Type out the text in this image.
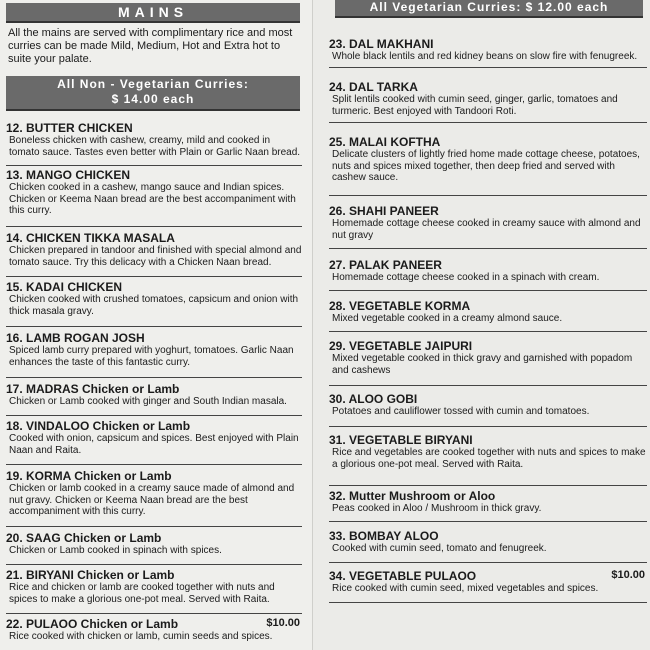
MAINS
All the mains are served with complimentary rice and most curries can be made Mild, Medium, Hot and Extra hot to suite your palate.
All Non - Vegetarian Curries:
$ 14.00 each
12. BUTTER CHICKEN
Boneless chicken with cashew, creamy, mild and cooked in tomato sauce. Tastes even better with Plain or Garlic Naan bread.
13. MANGO CHICKEN
Chicken cooked in a cashew, mango sauce and Indian spices. Chicken or Keema Naan bread are the best accompaniment with this curry.
14. CHICKEN TIKKA MASALA
Chicken prepared in tandoor and finished with special almond and tomato sauce. Try this delicacy with a Chicken Naan bread.
15. KADAI CHICKEN
Chicken cooked with crushed tomatoes, capsicum and onion with thick masala gravy.
16. LAMB ROGAN JOSH
Spiced lamb curry prepared with yoghurt, tomatoes. Garlic Naan enhances the taste of this fantastic curry.
17. MADRAS Chicken or Lamb
Chicken or Lamb cooked with ginger and South Indian masala.
18. VINDALOO Chicken or Lamb
Cooked with onion, capsicum and spices. Best enjoyed with Plain Naan and Raita.
19. KORMA Chicken or Lamb
Chicken or lamb cooked in a creamy sauce made of almond and nut gravy. Chicken or Keema Naan bread are the best accompaniment with this curry.
20. SAAG Chicken or Lamb
Chicken or Lamb cooked in spinach with spices.
21. BIRYANI Chicken or Lamb
Rice and chicken or lamb are cooked together with nuts and spices to make a glorious one-pot meal. Served with Raita.
22. PULAOO Chicken or Lamb	$10.00
Rice cooked with chicken or lamb, cumin seeds and spices.
All Vegetarian Curries: $ 12.00 each
23. DAL MAKHANI
Whole black lentils and red kidney beans on slow fire with fenugreek.
24. DAL TARKA
Split lentils cooked with cumin seed, ginger, garlic, tomatoes and turmeric. Best enjoyed with Tandoori Roti.
25. MALAI KOFTHA
Delicate clusters of lightly fried home made cottage cheese, potatoes, nuts and spices mixed together, then deep fried and served with cashew sauce.
26. SHAHI PANEER
Homemade cottage cheese cooked in creamy sauce with almond and nut gravy
27. PALAK PANEER
Homemade cottage cheese cooked in a spinach with cream.
28. VEGETABLE KORMA
Mixed vegetable cooked in a creamy almond sauce.
29. VEGETABLE JAIPURI
Mixed vegetable cooked in thick gravy and garnished with popadom and cashews
30. ALOO GOBI
Potatoes and cauliflower tossed with cumin and tomatoes.
31. VEGETABLE BIRYANI
Rice and vegetables are cooked together with nuts and spices to make a glorious one-pot meal. Served with Raita.
32. Mutter Mushroom or Aloo
Peas cooked in Aloo / Mushroom in thick gravy.
33. BOMBAY ALOO
Cooked with cumin seed, tomato and fenugreek.
34. VEGETABLE PULAOO	$10.00
Rice cooked with cumin seed, mixed vegetables and spices.
